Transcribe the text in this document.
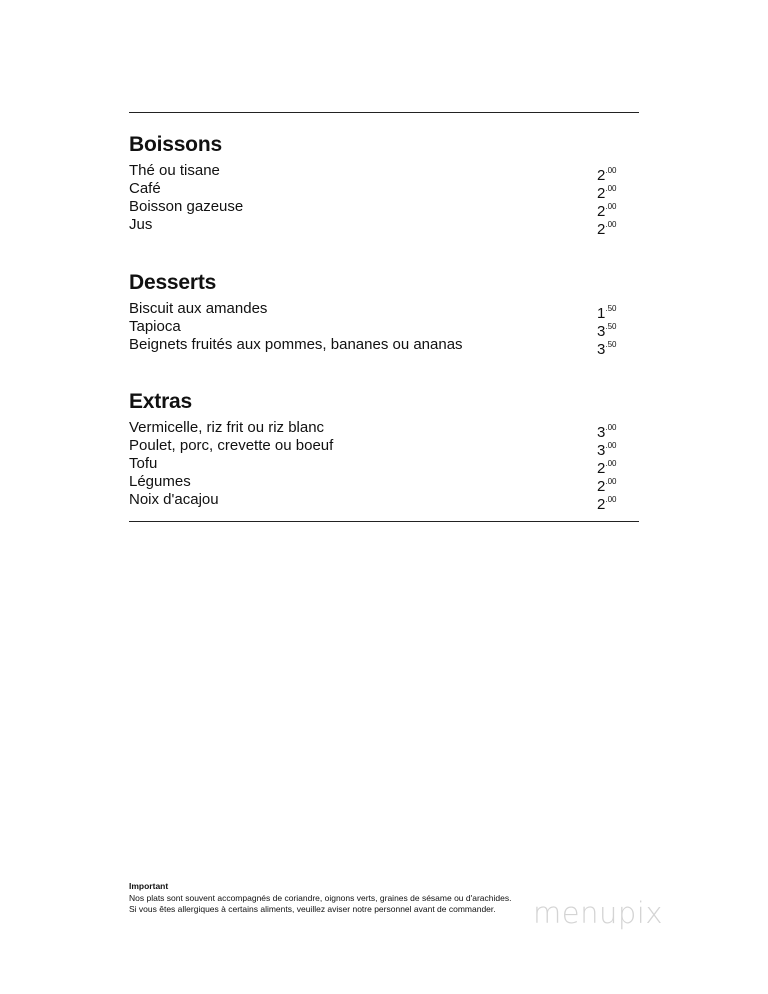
Boissons
Thé ou tisane	$2^{.00}$
Café	$2^{.00}$
Boisson gazeuse	$2^{.00}$
Jus	$2^{.00}$
Desserts
Biscuit aux amandes	$1^{.50}$
Tapioca	$3^{.50}$
Beignets fruités aux pommes, bananes ou ananas	$3^{.50}$
Extras
Vermicelle, riz frit ou riz blanc	$3^{.00}$
Poulet, porc, crevette ou boeuf	$3^{.00}$
Tofu	$2^{.00}$
Légumes	$2^{.00}$
Noix d'acajou	$2^{.00}$
Important
Nos plats sont souvent accompagnés de coriandre, oignons verts, graines de sésame ou d'arachides.
Si vous êtes allergiques à certains aliments, veuillez aviser notre personnel avant de commander.	menupix
